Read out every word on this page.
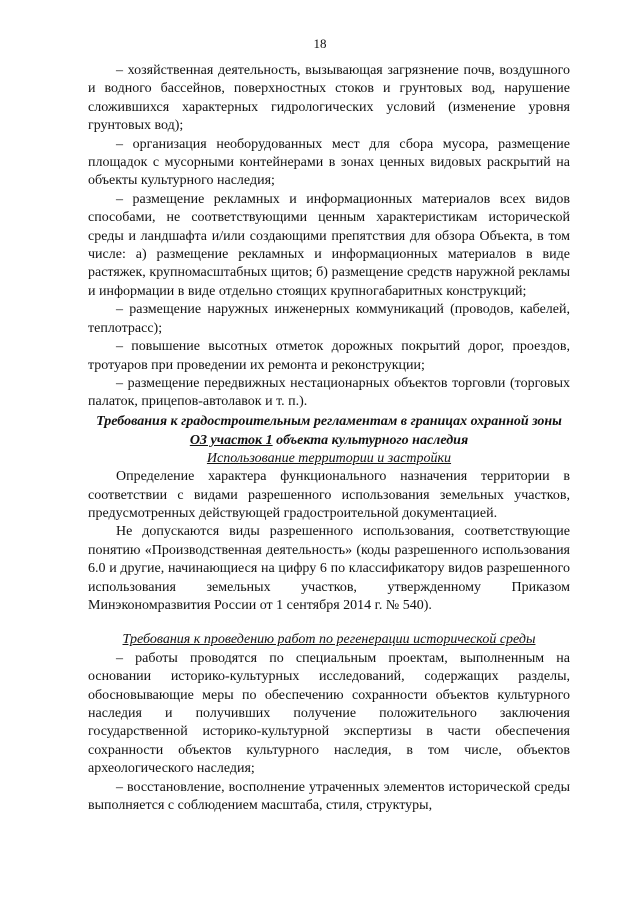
18

– хозяйственная деятельность, вызывающая загрязнение почв, воздушного и водного бассейнов, поверхностных стоков и грунтовых вод, нарушение сложившихся характерных гидрологических условий (изменение уровня грунтовых вод);

– организация необорудованных мест для сбора мусора, размещение площадок с мусорными контейнерами в зонах ценных видовых раскрытий на объекты культурного наследия;

– размещение рекламных и информационных материалов всех видов способами, не соответствующими ценным характеристикам исторической среды и ландшафта и/или создающими препятствия для обзора Объекта, в том числе: а) размещение рекламных и информационных материалов в виде растяжек, крупномасштабных щитов; б) размещение средств наружной рекламы и информации в виде отдельно стоящих крупногабаритных конструкций;

– размещение наружных инженерных коммуникаций (проводов, кабелей, теплотрасс);

– повышение высотных отметок дорожных покрытий дорог, проездов, тротуаров при проведении их ремонта и реконструкции;

– размещение передвижных нестационарных объектов торговли (торговых палаток, прицепов-автолавок и т. п.).

Требования к градостроительным регламентам в границах охранной зоны ОЗ участок 1 объекта культурного наследия

Использование территории и застройки

Определение характера функционального назначения территории в соответствии с видами разрешенного использования земельных участков, предусмотренных действующей градостроительной документацией.

Не допускаются виды разрешенного использования, соответствующие понятию «Производственная деятельность» (коды разрешенного использования 6.0 и другие, начинающиеся на цифру 6 по классификатору видов разрешенного использования земельных участков, утвержденному Приказом Минэкономразвития России от 1 сентября 2014 г. № 540).

Требования к проведению работ по регенерации исторической среды

– работы проводятся по специальным проектам, выполненным на основании историко-культурных исследований, содержащих разделы, обосновывающие меры по обеспечению сохранности объектов культурного наследия и получивших получение положительного заключения государственной историко-культурной экспертизы в части обеспечения сохранности объектов культурного наследия, в том числе, объектов археологического наследия;

– восстановление, восполнение утраченных элементов исторической среды выполняется с соблюдением масштаба, стиля, структуры,
